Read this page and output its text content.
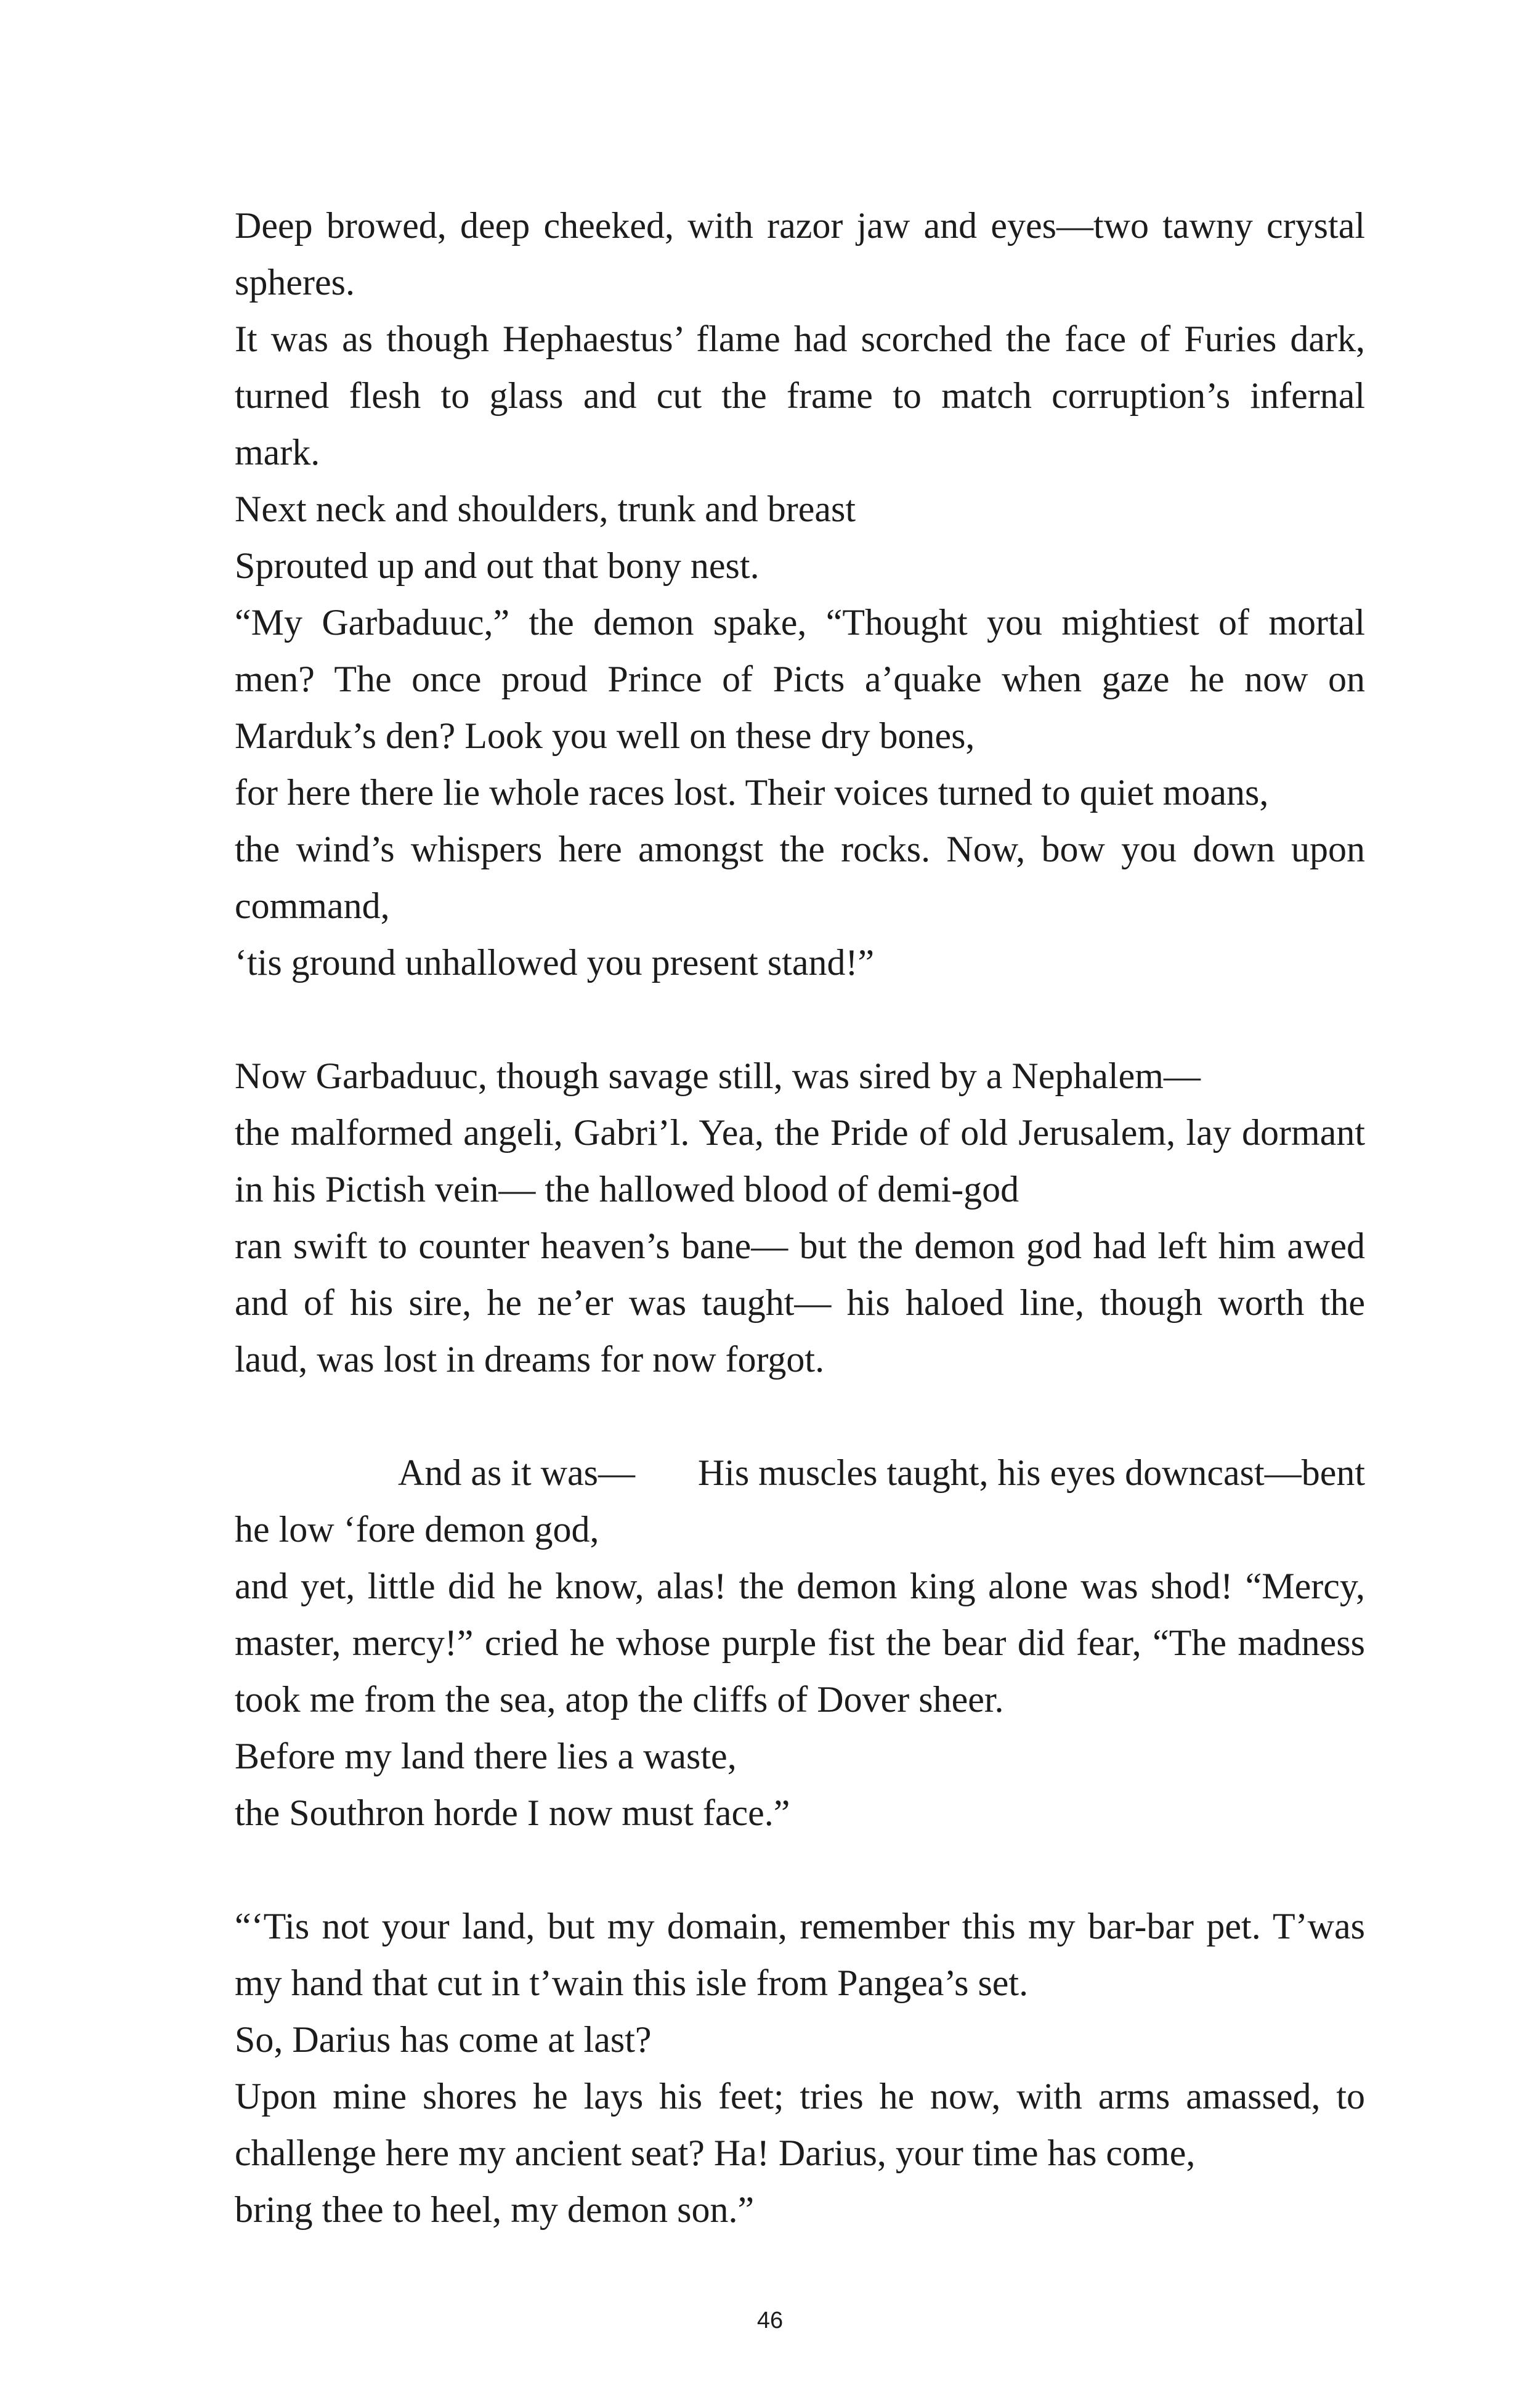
Deep browed, deep cheeked, with razor jaw and eyes—two tawny crystal
spheres.
It was as though Hephaestus’ flame had scorched the face of Furies dark,
turned flesh to glass and cut the frame to match corruption’s infernal
mark.
Next neck and shoulders, trunk and breast
Sprouted up and out that bony nest.
“My Garbaduuc,” the demon spake, “Thought you mightiest of mortal
men? The once proud Prince of Picts a’quake when gaze he now on
Marduk’s den? Look you well on these dry bones,
for here there lie whole races lost. Their voices turned to quiet moans,
the wind’s whispers here amongst the rocks. Now, bow you down upon
command,
‘tis ground unhallowed you present stand!”
Now Garbaduuc, though savage still, was sired by a Nephalem—
the malformed angeli, Gabri’l. Yea, the Pride of old Jerusalem, lay dormant
in his Pictish vein— the hallowed blood of demi-god
ran swift to counter heaven’s bane— but the demon god had left him awed
and of his sire, he ne’er was taught— his haloed line, though worth the
laud, was lost in dreams for now forgot.
And as it was— His muscles taught, his eyes downcast—bent
he low ‘fore demon god,
and yet, little did he know, alas! the demon king alone was shod! “Mercy,
master, mercy!” cried he whose purple fist the bear did fear, “The madness
took me from the sea, atop the cliffs of Dover sheer.
Before my land there lies a waste,
the Southron horde I now must face.”
“‘Tis not your land, but my domain, remember this my bar-bar pet. T’was
my hand that cut in t’wain this isle from Pangea’s set.
So, Darius has come at last?
Upon mine shores he lays his feet; tries he now, with arms amassed, to
challenge here my ancient seat? Ha! Darius, your time has come,
bring thee to heel, my demon son.”
46
